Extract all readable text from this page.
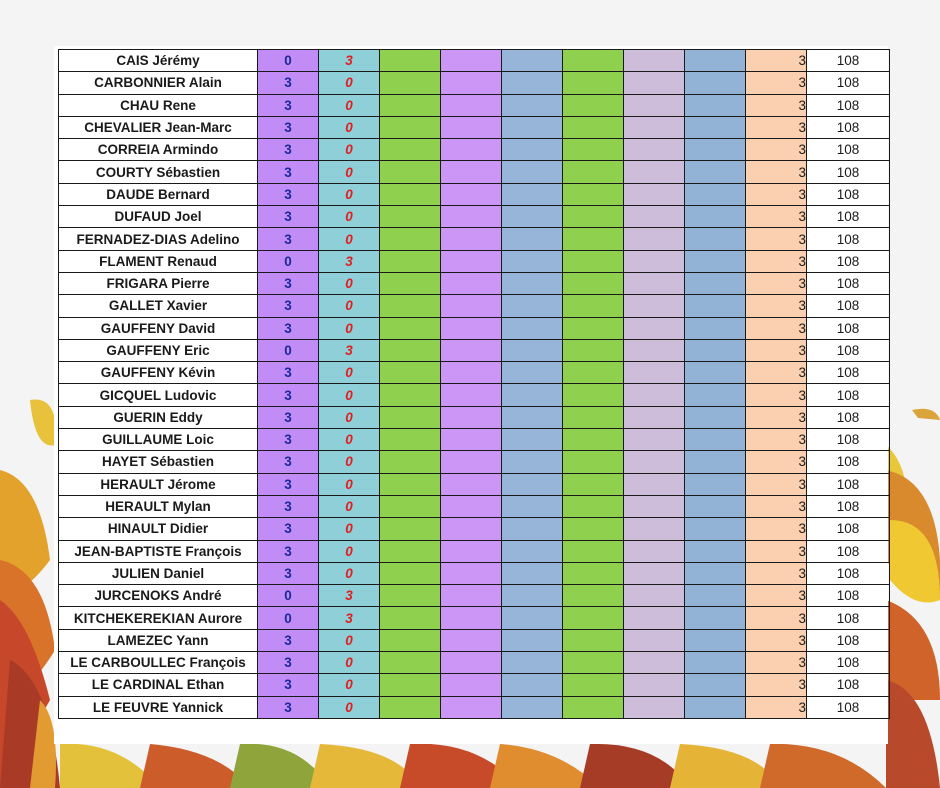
CAIS Jérémy	0	3							3	108
CARBONNIER Alain	3	0							3	108
CHAU Rene	3	0							3	108
CHEVALIER Jean-Marc	3	0							3	108
CORREIA Armindo	3	0							3	108
COURTY Sébastien	3	0							3	108
DAUDE Bernard	3	0							3	108
DUFAUD Joel	3	0							3	108
FERNADEZ-DIAS Adelino	3	0							3	108
FLAMENT Renaud	0	3							3	108
FRIGARA Pierre	3	0							3	108
GALLET Xavier	3	0							3	108
GAUFFENY David	3	0							3	108
GAUFFENY Eric	0	3							3	108
GAUFFENY Kévin	3	0							3	108
GICQUEL Ludovic	3	0							3	108
GUERIN Eddy	3	0							3	108
GUILLAUME Loic	3	0							3	108
HAYET Sébastien	3	0							3	108
HERAULT Jérome	3	0							3	108
HERAULT Mylan	3	0							3	108
HINAULT Didier	3	0							3	108
JEAN-BAPTISTE François	3	0							3	108
JULIEN Daniel	3	0							3	108
JURCENOKS André	0	3							3	108
KITCHEKEREKIAN Aurore	0	3							3	108
LAMEZEC Yann	3	0							3	108
LE CARBOULLEC François	3	0							3	108
LE CARDINAL Ethan	3	0							3	108
LE FEUVRE Yannick	3	0							3	108
